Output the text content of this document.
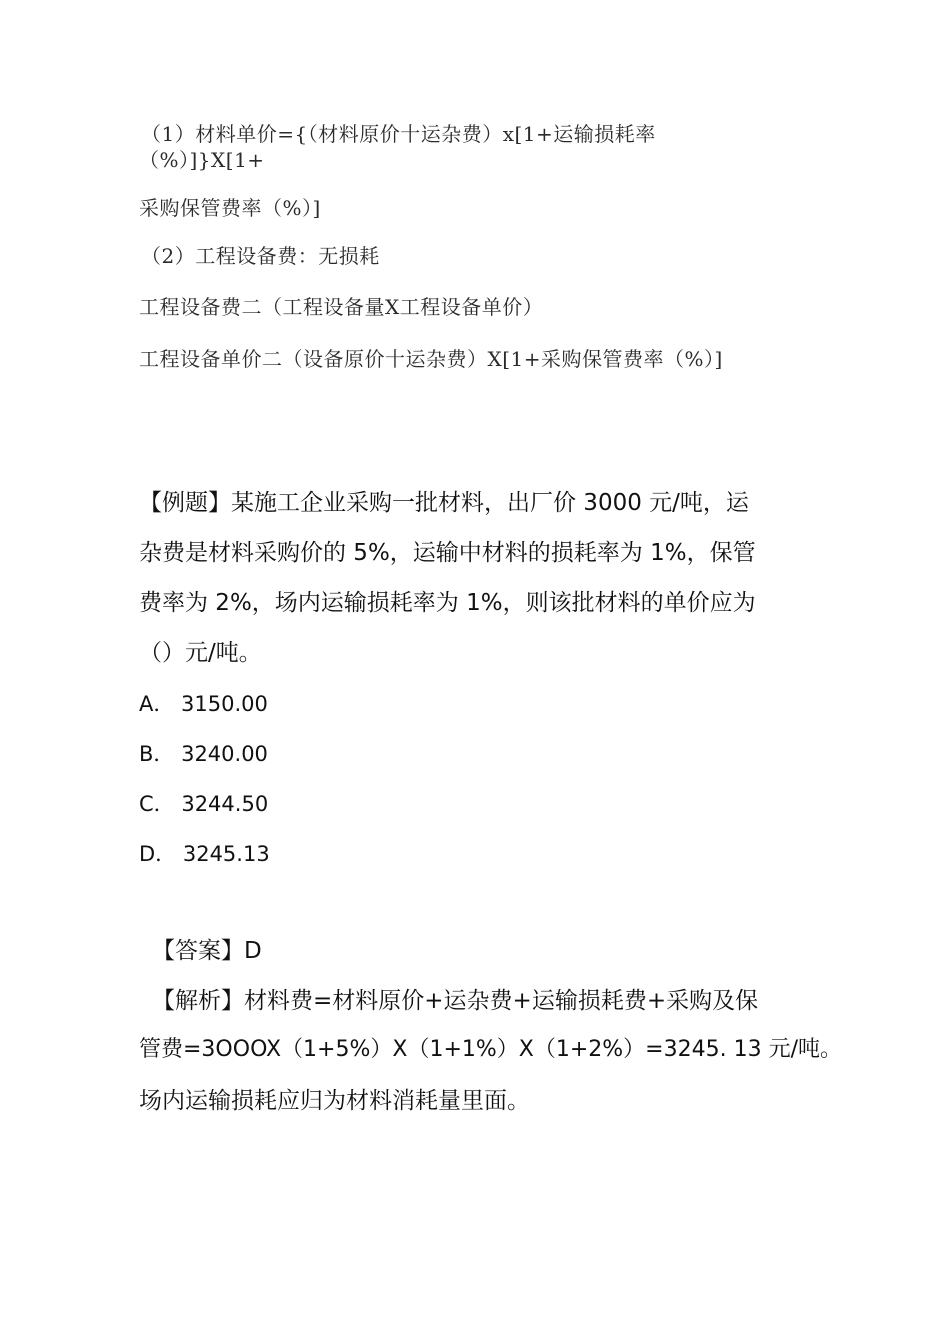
（1）材料单价={（材料原价十运杂费）x[1+运输损耗率

（%）]}X[1+

采购保管费率（%）]

（2）工程设备费：无损耗

工程设备费二（工程设备量X工程设备单价）

工程设备单价二（设备原价十运杂费）X[1+采购保管费率（%）]

【例题】某施工企业采购一批材料，出厂价 3000 元/吨，运

杂费是材料采购价的 5%，运输中材料的损耗率为 1%，保管

费率为 2%，场内运输损耗率为 1%，则该批材料的单价应为

（）元/吨。

A． 3150.00

B． 3240.00

C． 3244.50

D． 3245.13

【答案】D

【解析】材料费=材料原价+运杂费+运输损耗费+采购及保

管费=3OOOX（1+5%）X（1+1%）X（1+2%）=3245. 13 元/吨。

场内运输损耗应归为材料消耗量里面。
